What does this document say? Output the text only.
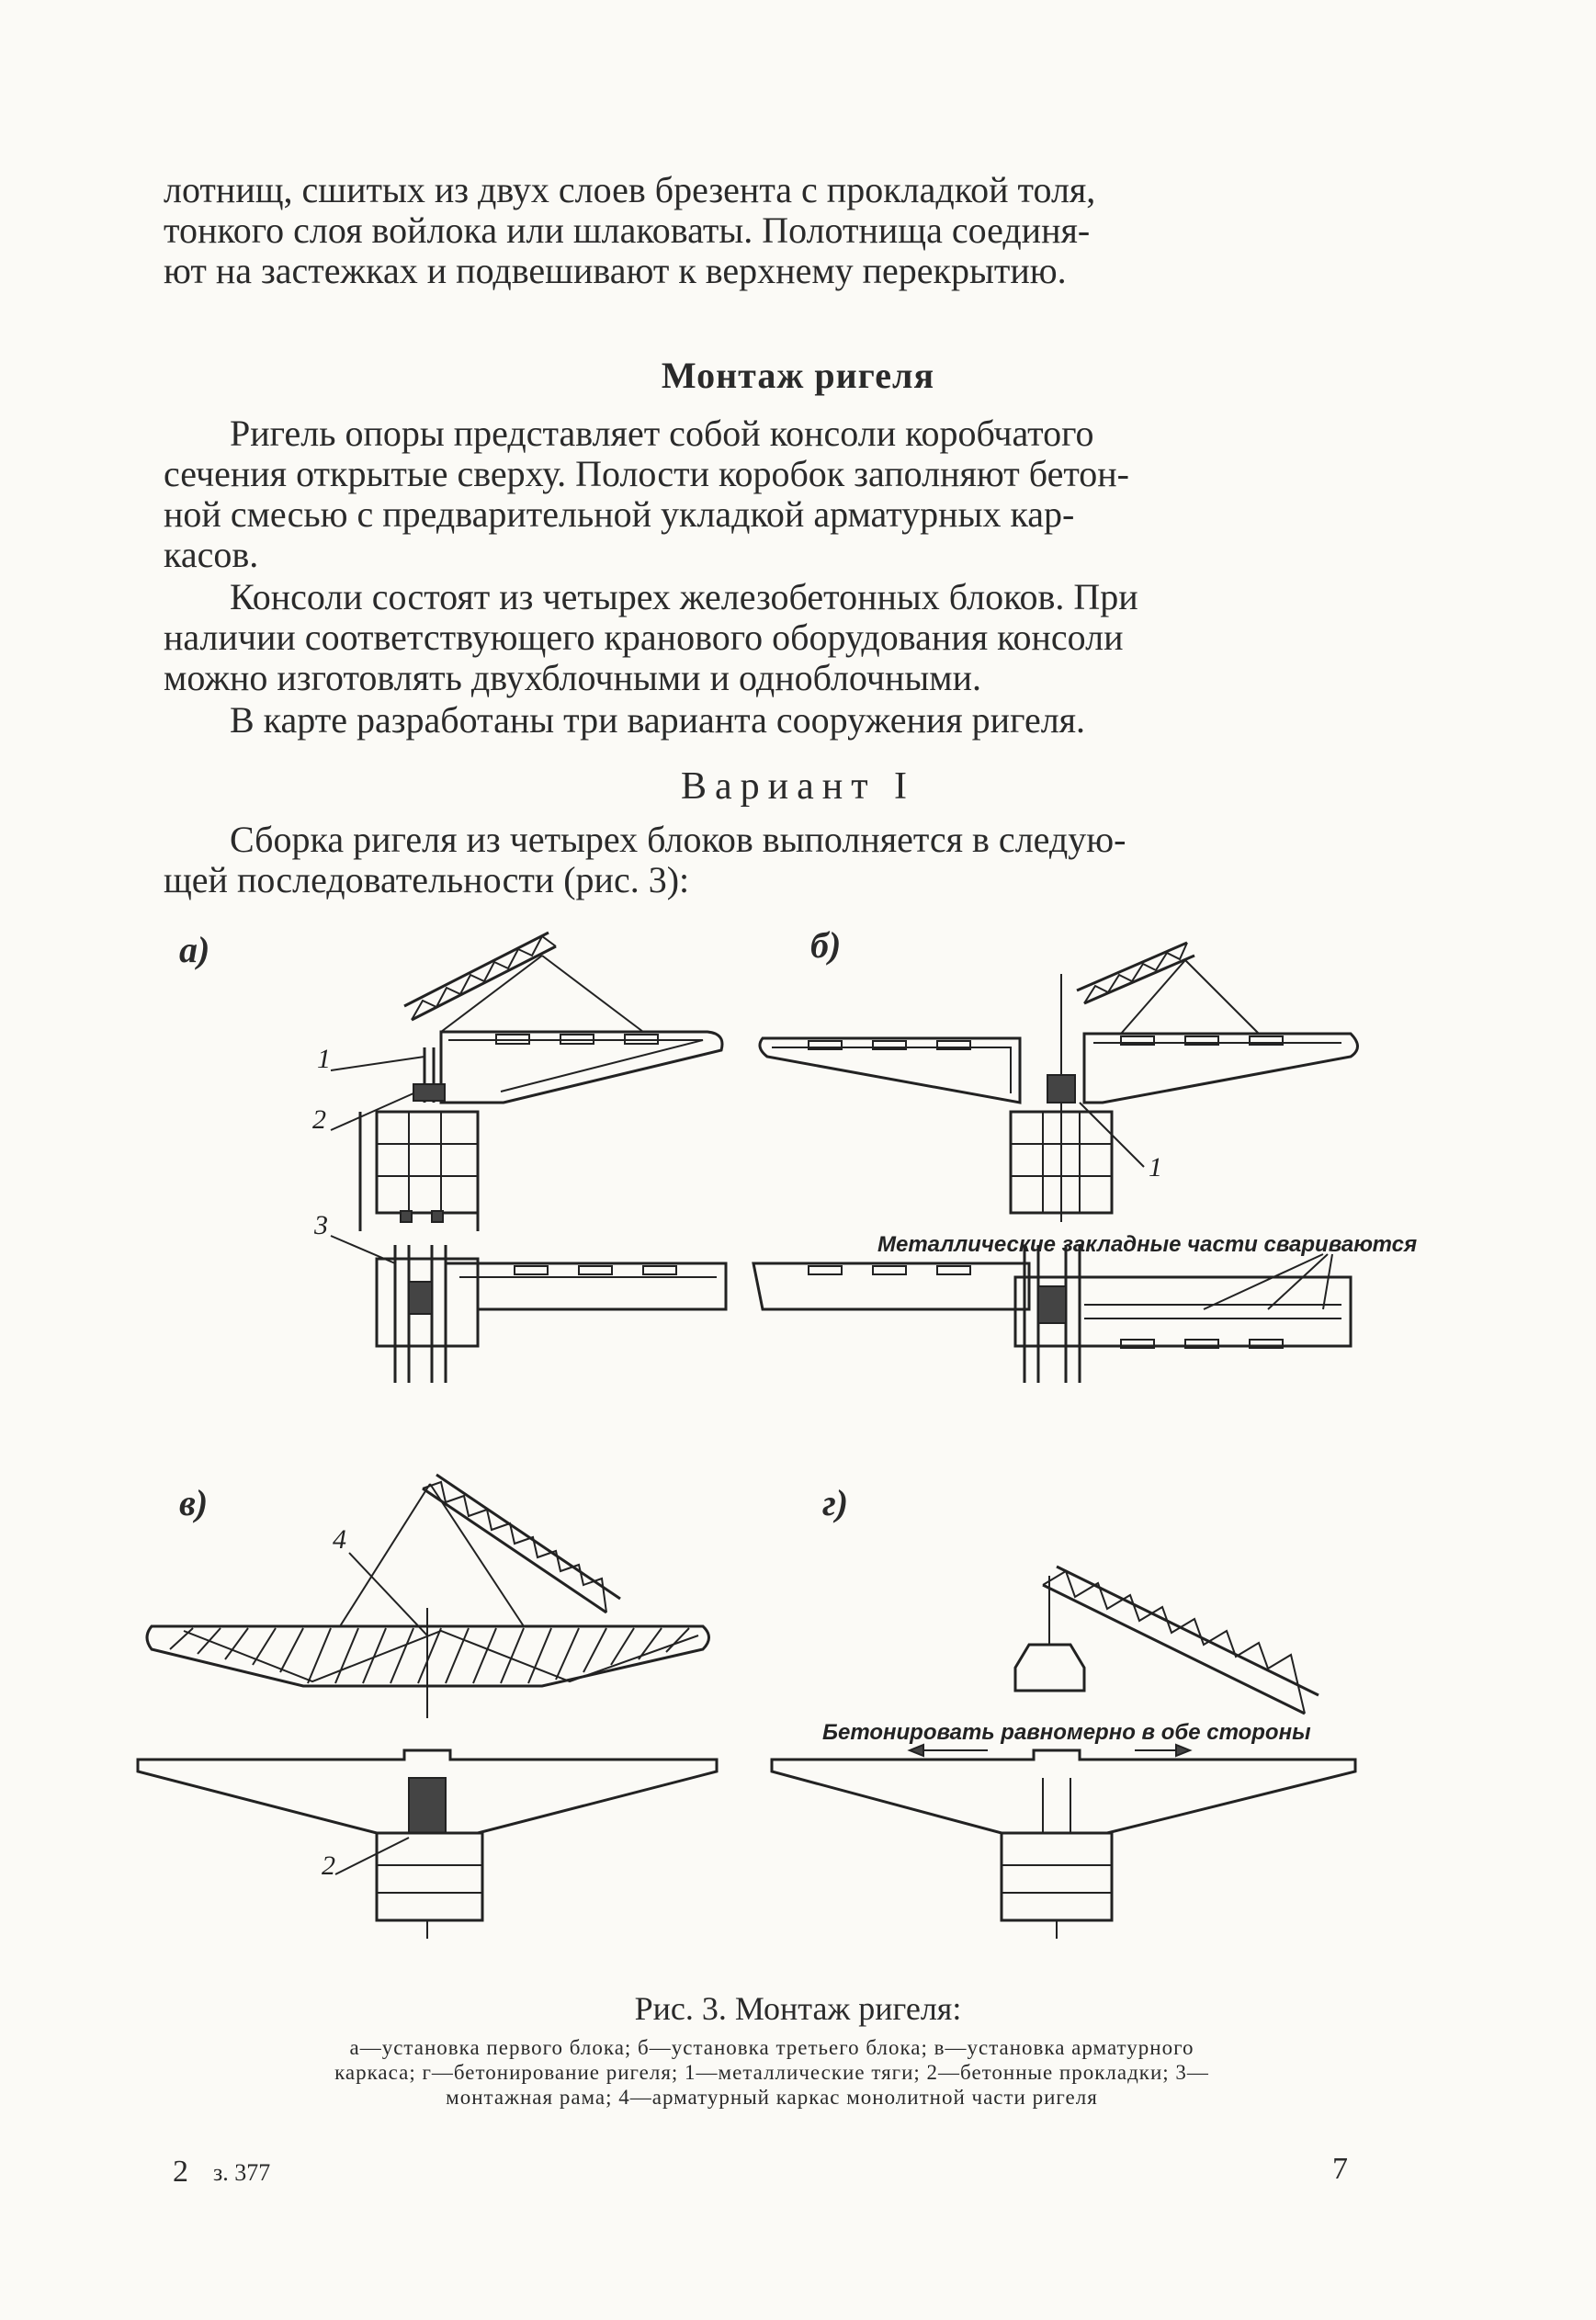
лотнищ, сшитых из двух слоев брезента с прокладкой толя,
тонкого слоя войлока или шлаковаты. Полотнища соединя-
ют на застежках и подвешивают к верхнему перекрытию.
Монтаж ригеля
Ригель опоры представляет собой консоли коробчатого
сечения открытые сверху. Полости коробок заполняют бетон-
ной смесью с предварительной укладкой арматурных кар-
касов.
Консоли состоят из четырех железобетонных блоков. При
наличии соответствующего кранового оборудования консоли
можно изготовлять двухблочными и одноблочными.
В карте разработаны три варианта сооружения ригеля.
Вариант I
Сборка ригеля из четырех блоков выполняется в следую-
щей последовательности (рис. 3):
а)	б)
в)	г)
1
2
3
1
Металлические закладные части свариваются
4
2
Бетонировать равномерно в обе стороны
Рис. 3. Монтаж ригеля:
а—установка первого блока; б—установка третьего блока; в—установка арматурного
каркаса; г—бетонирование ригеля; 1—металлические тяги; 2—бетонные прокладки; 3—
монтажная рама; 4—арматурный каркас монолитной части ригеля
2 з. 377	7
